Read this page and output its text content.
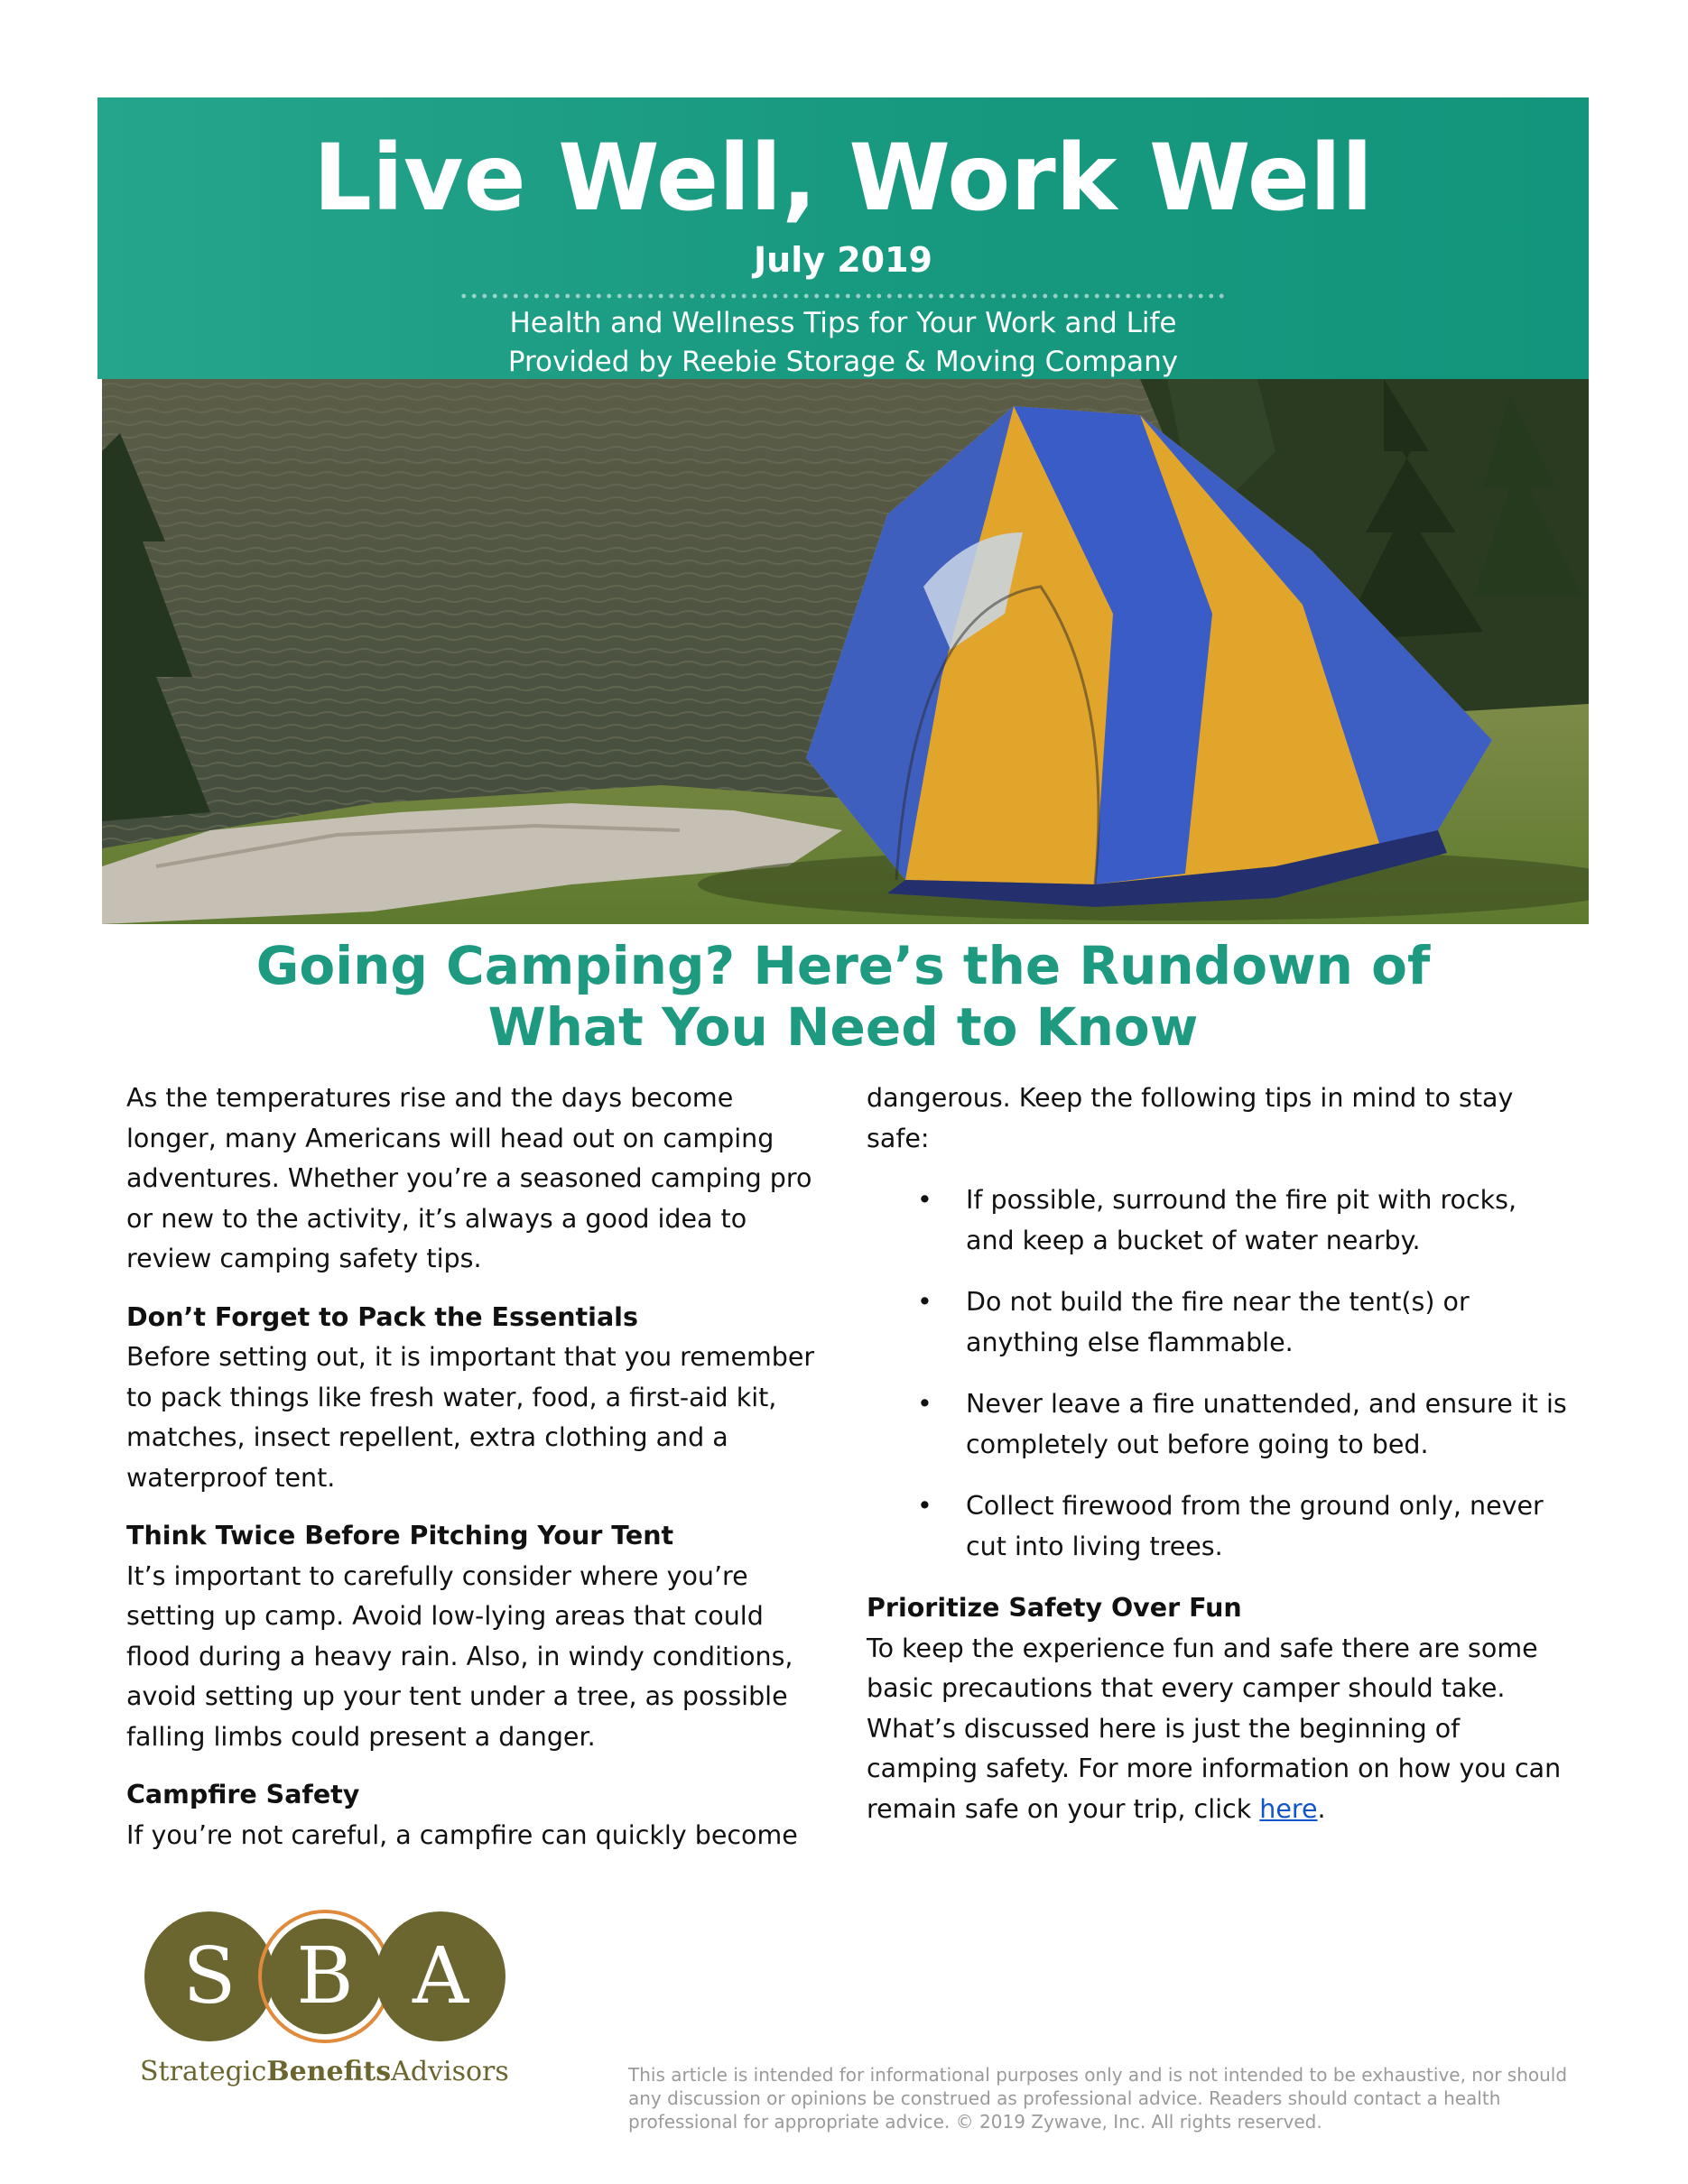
Live Well, Work Well
July 2019
Health and Wellness Tips for Your Work and Life
Provided by Reebie Storage & Moving Company
Going Camping? Here’s the Rundown of
What You Need to Know

As the temperatures rise and the days become longer, many Americans will head out on camping adventures. Whether you’re a seasoned camping pro or new to the activity, it’s always a good idea to review camping safety tips.

Don’t Forget to Pack the Essentials

Before setting out, it is important that you remember to pack things like fresh water, food, a first-aid kit, matches, insect repellent, extra clothing and a waterproof tent.

Think Twice Before Pitching Your Tent

It’s important to carefully consider where you’re setting up camp. Avoid low-lying areas that could flood during a heavy rain. Also, in windy conditions, avoid setting up your tent under a tree, as possible falling limbs could present a danger.

Campfire Safety

If you’re not careful, a campfire can quickly become

dangerous. Keep the following tips in mind to stay safe:

• If possible, surround the fire pit with rocks, and keep a bucket of water nearby.
• Do not build the fire near the tent(s) or anything else flammable.
• Never leave a fire unattended, and ensure it is completely out before going to bed.
• Collect firewood from the ground only, never cut into living trees.

Prioritize Safety Over Fun

To keep the experience fun and safe there are some basic precautions that every camper should take. What’s discussed here is just the beginning of camping safety. For more information on how you can remain safe on your trip, click here.

S B A
StrategicBenefitsAdvisors	This article is intended for informational purposes only and is not intended to be exhaustive, nor should any discussion or opinions be construed as professional advice. Readers should contact a health professional for appropriate advice. © 2019 Zywave, Inc. All rights reserved.
